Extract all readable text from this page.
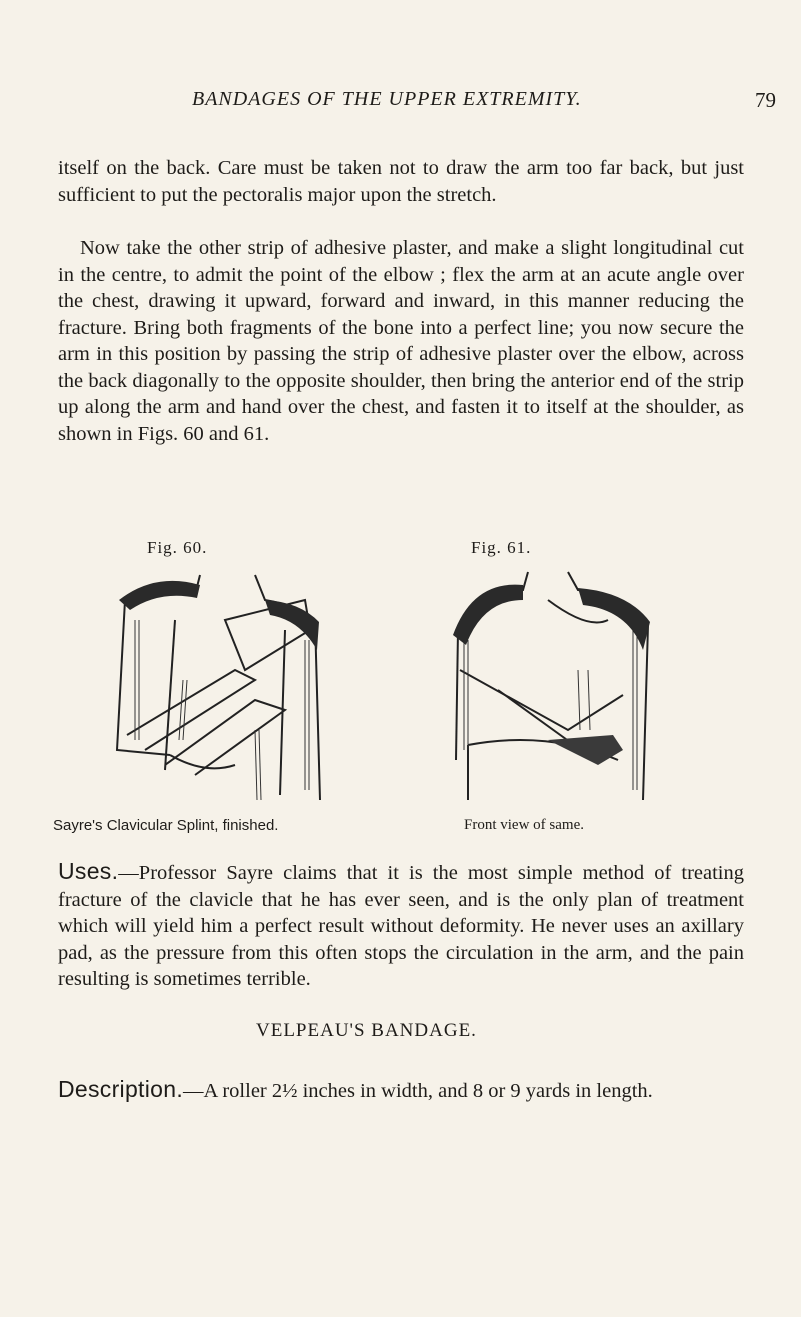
BANDAGES OF THE UPPER EXTREMITY.	79

itself on the back. Care must be taken not to draw the arm too far back, but just sufficient to put the pectoralis major upon the stretch.

Now take the other strip of adhesive plaster, and make a slight longitudinal cut in the centre, to admit the point of the elbow ; flex the arm at an acute angle over the chest, drawing it upward, forward and inward, in this manner reducing the fracture. Bring both fragments of the bone into a perfect line; you now secure the arm in this position by passing the strip of adhesive plaster over the elbow, across the back diagonally to the opposite shoulder, then bring the anterior end of the strip up along the arm and hand over the chest, and fasten it to itself at the shoulder, as shown in Figs. 60 and 61.

Fig. 60.	Fig. 61.
Sayre's Clavicular Splint, finished.	Front view of same.

Uses.—Professor Sayre claims that it is the most simple method of treating fracture of the clavicle that he has ever seen, and is the only plan of treatment which will yield him a perfect result without deformity. He never uses an axillary pad, as the pressure from this often stops the circulation in the arm, and the pain resulting is sometimes terrible.

VELPEAU'S BANDAGE.

Description.—A roller 2½ inches in width, and 8 or 9 yards in length.
